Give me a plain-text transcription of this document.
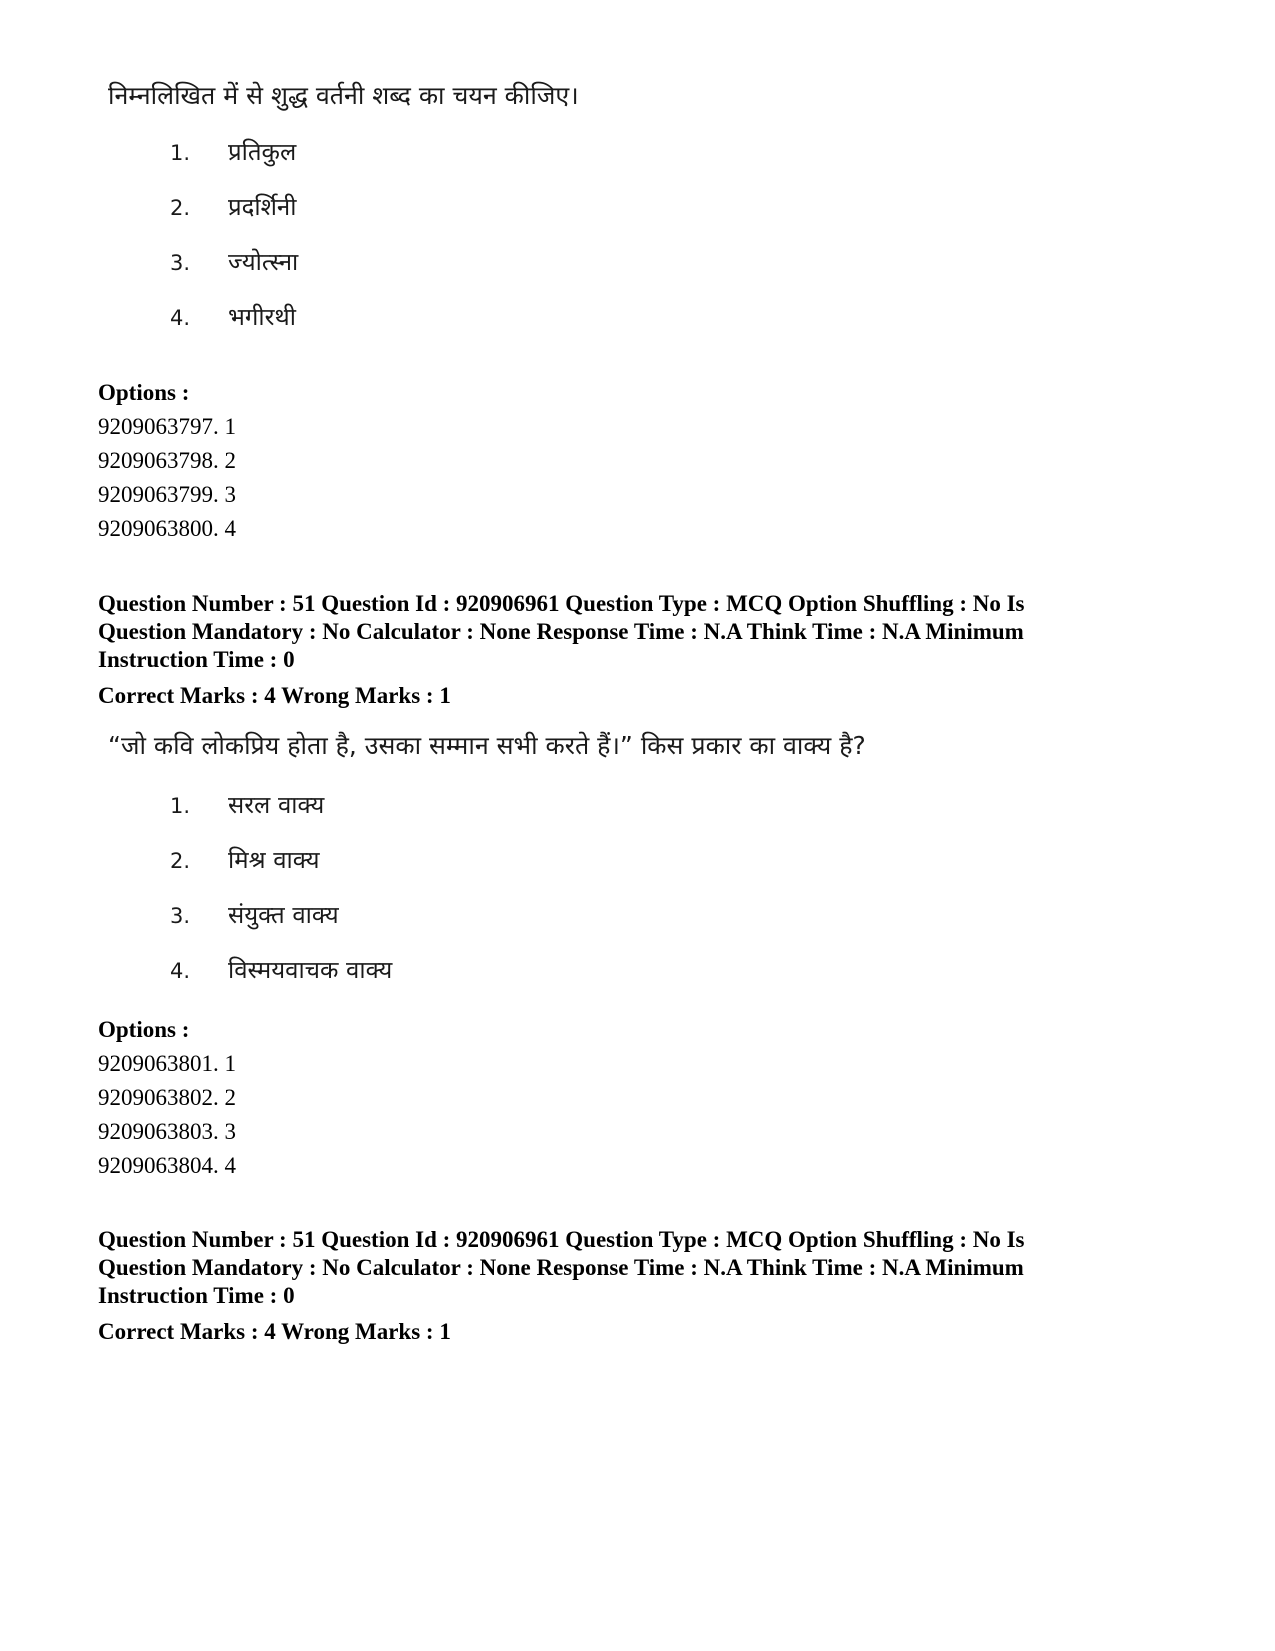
निम्नलिखित में से शुद्ध वर्तनी शब्द का चयन कीजिए।
1. प्रतिकुल
2. प्रदर्शिनी
3. ज्योत्स्ना
4. भगीरथी
Options :
9209063797. 1
9209063798. 2
9209063799. 3
9209063800. 4
Question Number : 51 Question Id : 920906961 Question Type : MCQ Option Shuffling : No Is
Question Mandatory : No Calculator : None Response Time : N.A Think Time : N.A Minimum
Instruction Time : 0
Correct Marks : 4 Wrong Marks : 1
“जो कवि लोकप्रिय होता है, उसका सम्मान सभी करते हैं।” किस प्रकार का वाक्य है?
1. सरल वाक्य
2. मिश्र वाक्य
3. संयुक्त वाक्य
4. विस्मयवाचक वाक्य
Options :
9209063801. 1
9209063802. 2
9209063803. 3
9209063804. 4
Question Number : 51 Question Id : 920906961 Question Type : MCQ Option Shuffling : No Is
Question Mandatory : No Calculator : None Response Time : N.A Think Time : N.A Minimum
Instruction Time : 0
Correct Marks : 4 Wrong Marks : 1
